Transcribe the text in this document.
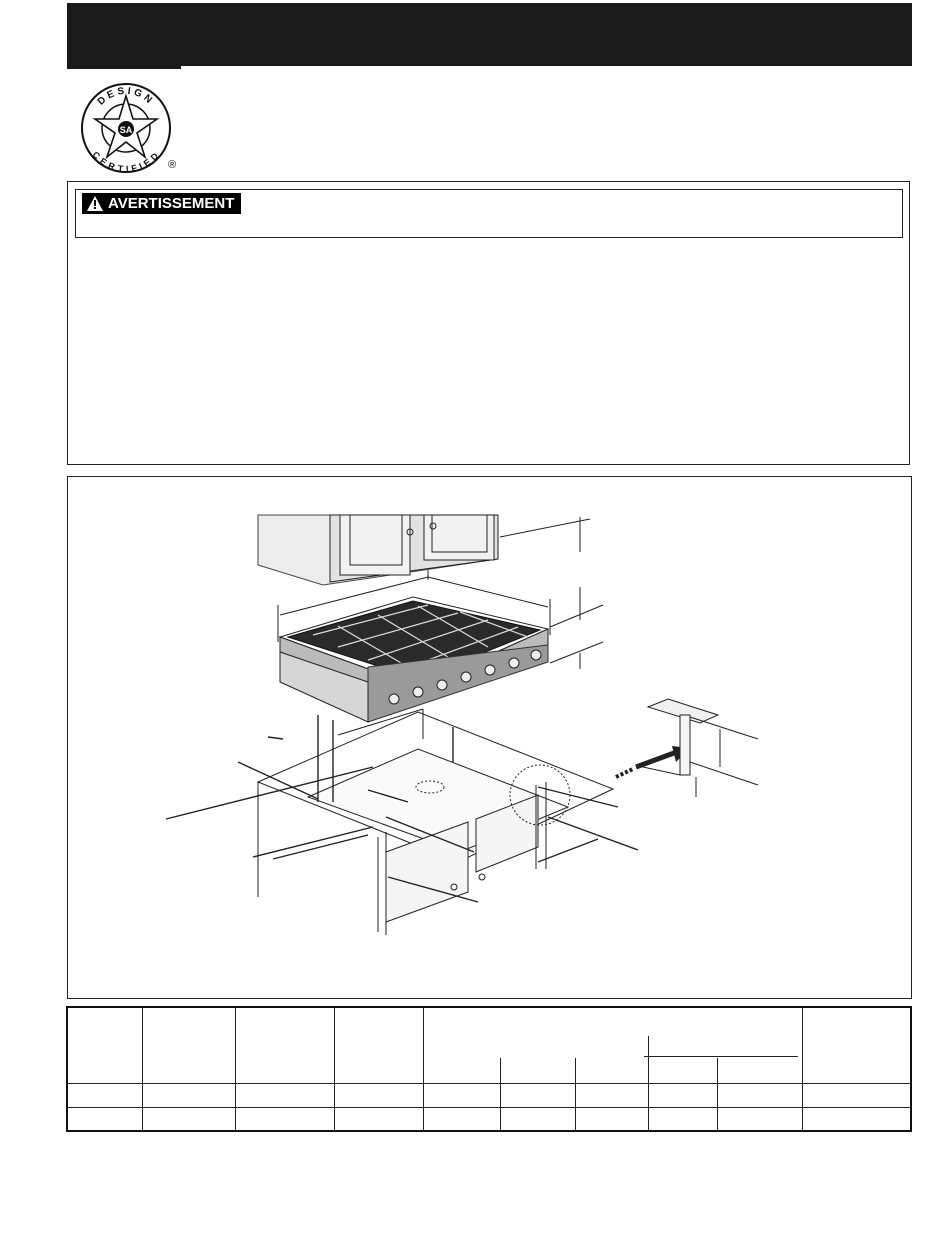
SA
DESIGN
CERTIFIED
®
AVERTISSEMENT
